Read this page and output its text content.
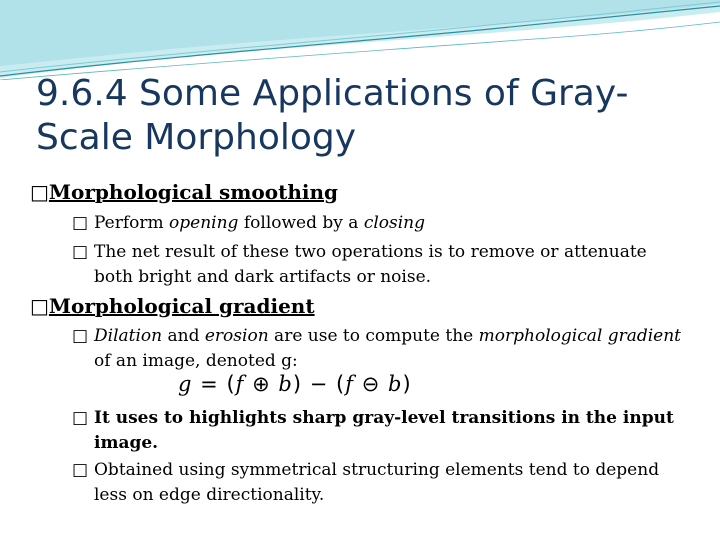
9.6.4 Some Applications of Gray-Scale Morphology
□Morphological smoothing
□ Perform opening followed by a closing
□ The net result of these two operations is to remove or attenuate both bright and dark artifacts or noise.
□Morphological gradient
□ Dilation and erosion are use to compute the morphological gradient of an image, denoted g:
g = (f ⊕ b) − (f ⊖ b)
□ It uses to highlights sharp gray-level transitions in the input image.
□ Obtained using symmetrical structuring elements tend to depend less on edge directionality.
